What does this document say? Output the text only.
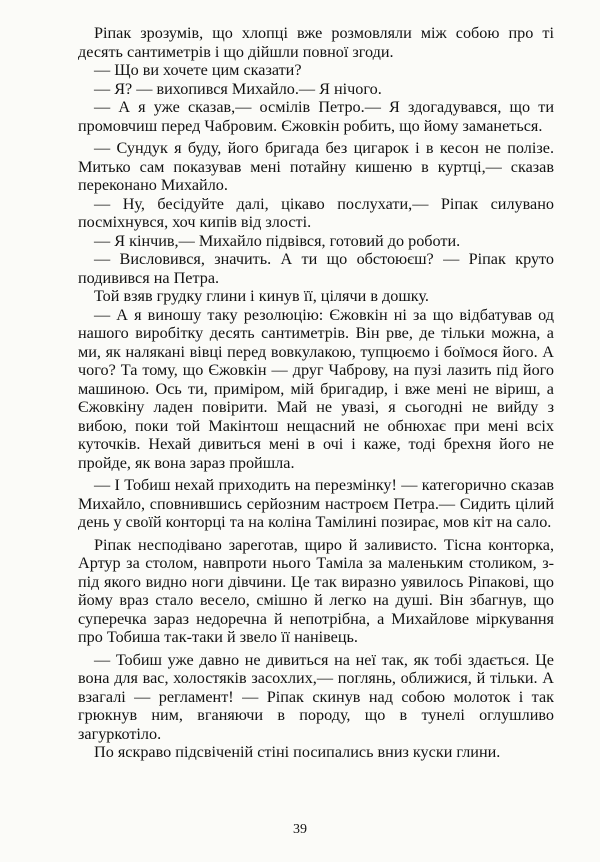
Ріпак зрозумів, що хлопці вже розмовляли між собою про ті десять сантиметрів і що дійшли повної згоди.

— Що ви хочете цим сказати?

— Я? — вихопився Михайло.— Я нічого.

— А я уже сказав,— осмілів Петро.— Я здогадувався, що ти промовчиш перед Чабровим. Єжовкін робить, що йому заманеться.

— Сундук я буду, його бригада без цигарок і в кесон не полізе. Митько сам показував мені потайну кишеню в куртці,— сказав переконано Михайло.

— Ну, бесідуйте далі, цікаво послухати,— Ріпак силувано посміхнувся, хоч кипів від злості.

— Я кінчив,— Михайло підвівся, готовий до роботи.

— Висловився, значить. А ти що обстоюєш? — Ріпак круто подивився на Петра.

Той взяв грудку глини і кинув її, цілячи в дошку.

— А я виношу таку резолюцію: Єжовкін ні за що відбатував од нашого виробітку десять сантиметрів. Він рве, де тільки можна, а ми, як налякані вівці перед вовкулакою, тупцюємо і боїмося його. А чого? Та тому, що Єжовкін — друг Чаброву, на пузі лазить під його машиною. Ось ти, приміром, мій бригадир, і вже мені не віриш, а Єжовкіну ладен повірити. Май не увазі, я сьогодні не вийду з вибою, поки той Макінтош нещасний не обнюхає при мені всіх куточків. Нехай дивиться мені в очі і каже, тоді брехня його не пройде, як вона зараз пройшла.

— І Тобиш нехай приходить на перезмінку! — категорично сказав Михайло, сповнившись серйозним настроєм Петра.— Сидить цілий день у своїй конторці та на коліна Тамілині позирає, мов кіт на сало.

Ріпак несподівано зареготав, щиро й заливисто. Тісна конторка, Артур за столом, навпроти нього Таміла за маленьким столиком, з-під якого видно ноги дівчини. Це так виразно уявилось Ріпакові, що йому враз стало весело, смішно й легко на душі. Він збагнув, що суперечка зараз недоречна й непотрібна, а Михайлове міркування про Тобиша так-таки й звело її нанівець.

— Тобиш уже давно не дивиться на неї так, як тобі здається. Це вона для вас, холостяків засохлих,— поглянь, оближися, й тільки. А взагалі — регламент! — Ріпак скинув над собою молоток і так грюкнув ним, вганяючи в породу, що в тунелі оглушливо загуркотіло.

По яскраво підсвіченій стіні посипались вниз куски глини.

39
